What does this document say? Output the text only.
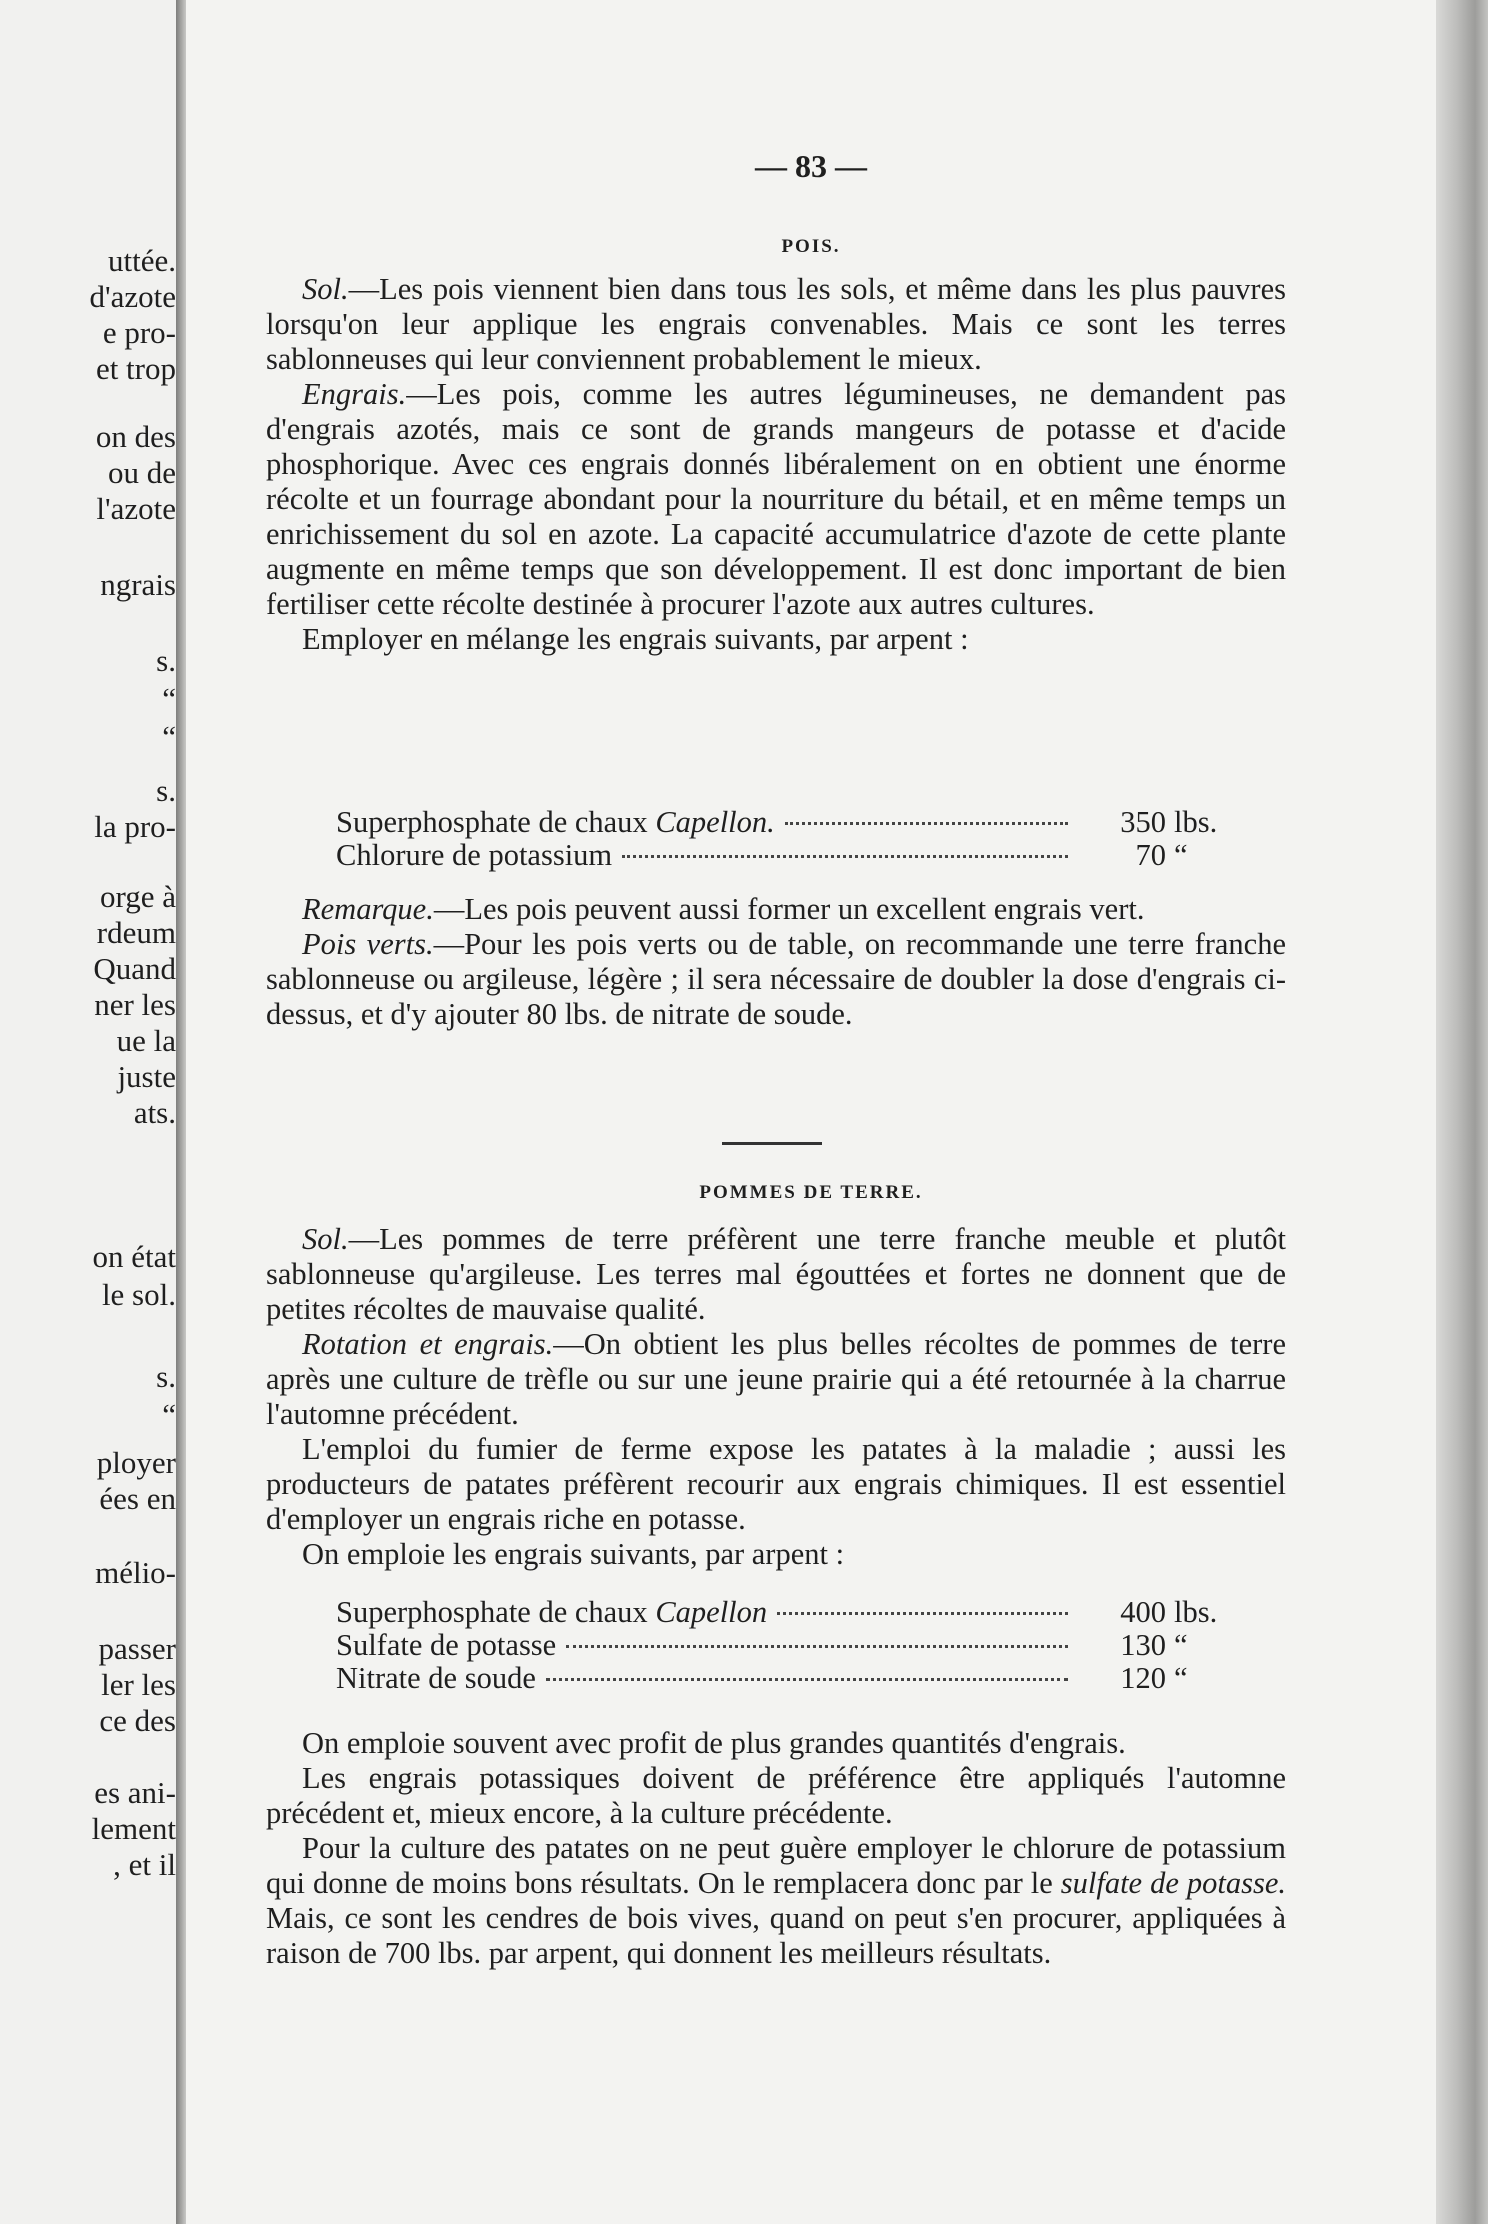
uttée.
d'azote
e pro-
et trop
on des
ou de
l'azote
ngrais
s.
“
“
s.
la pro-
orge à
rdeum
Quand
ner les
ue la
juste
ats.
on état
le sol.
s.
“
ployer
ées en
mélio-
passer
ler les
ce des
es ani-
lement
, et il
— 83 —
POIS.

Sol.—Les pois viennent bien dans tous les sols, et même dans les plus pauvres lorsqu'on leur applique les engrais convenables. Mais ce sont les terres sablonneuses qui leur conviennent probablement le mieux.

Engrais.—Les pois, comme les autres légumineuses, ne demandent pas d'engrais azotés, mais ce sont de grands mangeurs de potasse et d'acide phosphorique. Avec ces engrais donnés libéralement on en obtient une énorme récolte et un fourrage abondant pour la nourriture du bétail, et en même temps un enrichissement du sol en azote. La capacité accumulatrice d'azote de cette plante augmente en même temps que son développement. Il est donc important de bien fertiliser cette récolte destinée à procurer l'azote aux autres cultures.

Employer en mélange les engrais suivants, par arpent :

Superphosphate de chaux Capellon.	350 lbs.
Chlorure de potassium	70 “

Remarque.—Les pois peuvent aussi former un excellent engrais vert.

Pois verts.—Pour les pois verts ou de table, on recommande une terre franche sablonneuse ou argileuse, légère ; il sera nécessaire de doubler la dose d'engrais ci-dessus, et d'y ajouter 80 lbs. de nitrate de soude.

POMMES DE TERRE.

Sol.—Les pommes de terre préfèrent une terre franche meuble et plutôt sablonneuse qu'argileuse. Les terres mal égouttées et fortes ne donnent que de petites récoltes de mauvaise qualité.

Rotation et engrais.—On obtient les plus belles récoltes de pommes de terre après une culture de trèfle ou sur une jeune prairie qui a été retournée à la charrue l'automne précédent.

L'emploi du fumier de ferme expose les patates à la maladie ; aussi les producteurs de patates préfèrent recourir aux engrais chimiques. Il est essentiel d'employer un engrais riche en potasse.

On emploie les engrais suivants, par arpent :

Superphosphate de chaux Capellon	400 lbs.
Sulfate de potasse	130 “
Nitrate de soude	120 “

On emploie souvent avec profit de plus grandes quantités d'engrais.

Les engrais potassiques doivent de préférence être appliqués l'automne précédent et, mieux encore, à la culture précédente.

Pour la culture des patates on ne peut guère employer le chlorure de potassium qui donne de moins bons résultats. On le remplacera donc par le sulfate de potasse. Mais, ce sont les cendres de bois vives, quand on peut s'en procurer, appliquées à raison de 700 lbs. par arpent, qui donnent les meilleurs résultats.
